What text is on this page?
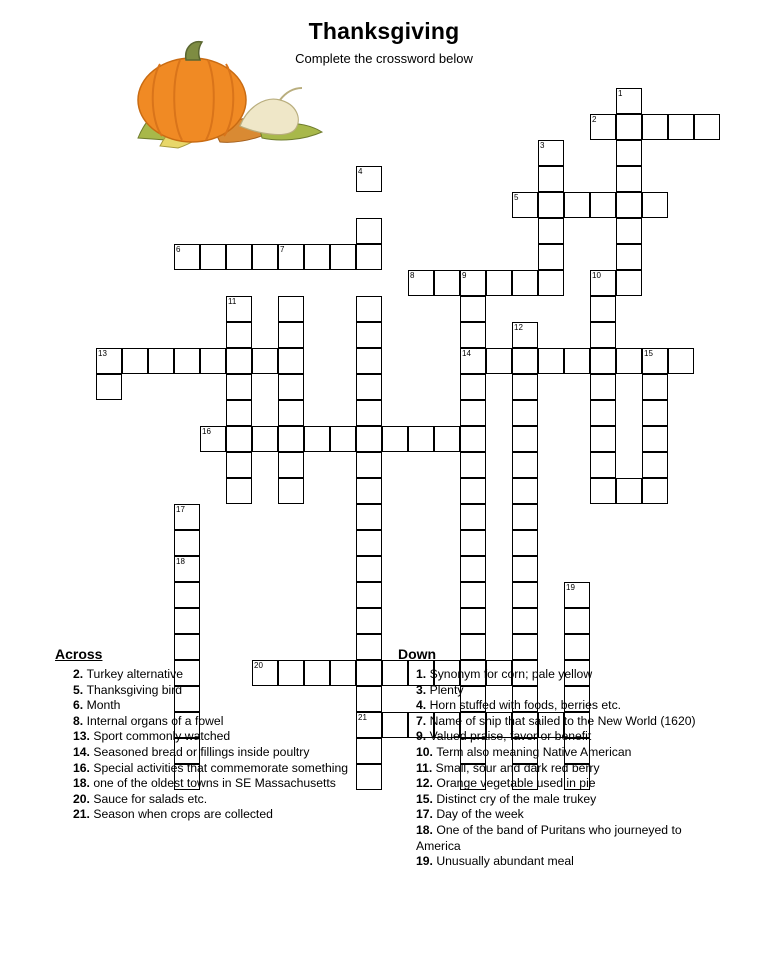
Thanksgiving
Complete the crossword below
1
2
3
4
5
6	7
8	9	10
11
12
13	14	15
16
17
18
19
20
21
Across
2. Turkey alternative
5. Thanksgiving bird
6. Month
8. Internal organs of a fowel
13. Sport commonly watched
14. Seasoned bread or fillings inside poultry
16. Special activities that commemorate something
18. one of the oldest towns in SE Massachusetts
20. Sauce for salads etc.
21. Season when crops are collected
Down
1. Synonym for corn; pale yellow
3. Plenty
4. Horn stuffed with foods, berries etc.
7. Name of ship that sailed to the New World (1620)
9. Valued praise, favor or benefit
10. Term also meaning Native American
11. Small, sour and dark red berry
12. Orange vegetable used in pie
15. Distinct cry of the male trukey
17. Day of the week
18. One of the band of Puritans who journeyed to America
19. Unusually abundant meal
